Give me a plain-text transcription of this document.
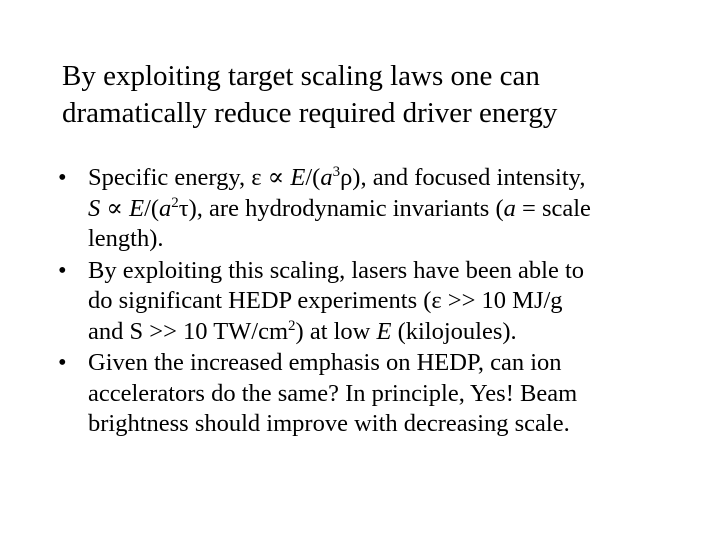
By exploiting target scaling laws one can
dramatically reduce required driver energy
• Specific energy, $\varepsilon \propto E/(a^3\rho)$, and focused intensity,
$S \propto E/(a^2\tau)$, are hydrodynamic invariants (a = scale
length).
• By exploiting this scaling, lasers have been able to
do significant HEDP experiments (ε >> 10 MJ/g
and S >> 10 $TW/cm^2$) at low E (kilojoules).
• Given the increased emphasis on HEDP, can ion
accelerators do the same? In principle, Yes! Beam
brightness should improve with decreasing scale.
